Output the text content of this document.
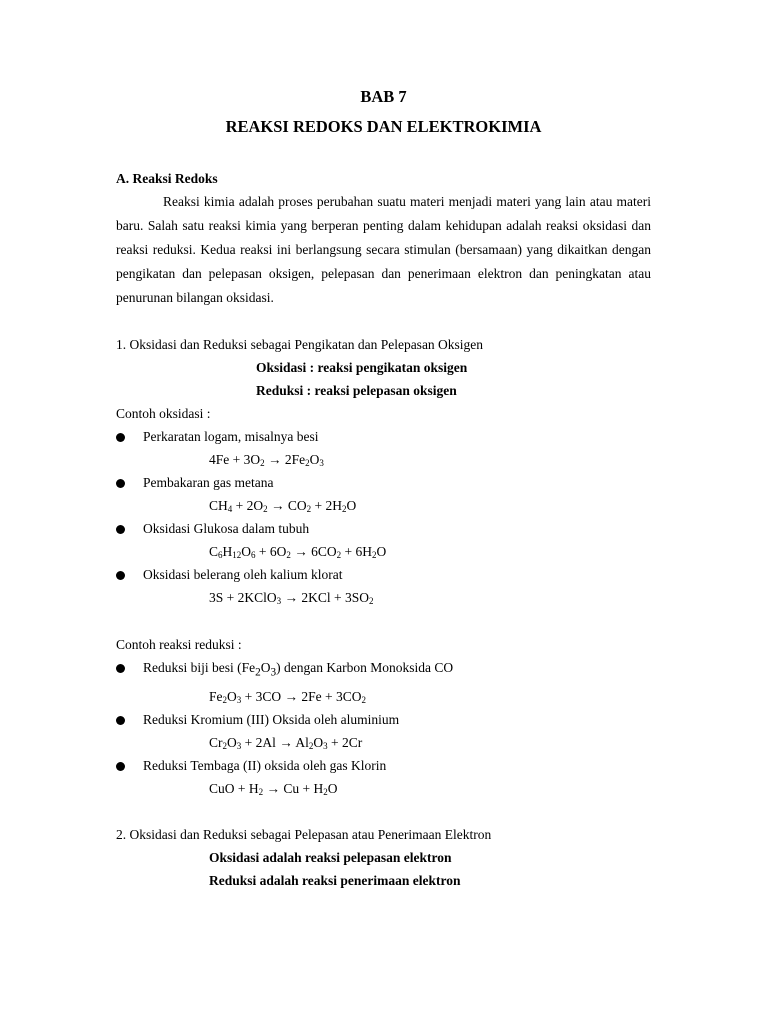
BAB 7

REAKSI REDOKS DAN ELEKTROKIMIA

A. Reaksi Redoks

Reaksi kimia adalah proses perubahan suatu materi menjadi materi yang lain atau materi baru. Salah satu reaksi kimia yang berperan penting dalam kehidupan adalah reaksi oksidasi dan reaksi reduksi. Kedua reaksi ini berlangsung secara stimulan (bersamaan) yang dikaitkan dengan pengikatan dan pelepasan oksigen, pelepasan dan penerimaan elektron dan peningkatan atau penurunan bilangan oksidasi.

1. Oksidasi dan Reduksi sebagai Pengikatan dan Pelepasan Oksigen

Oksidasi : reaksi pengikatan oksigen

Reduksi : reaksi pelepasan oksigen

Contoh oksidasi :

Perkaratan logam, misalnya besi

$4Fe + 3O_2 \to 2Fe_2O_3$

Pembakaran gas metana

$CH_4 + 2O_2 \to CO_2 + 2H_2O$

Oksidasi Glukosa dalam tubuh

$C_6H_{12}O_6 + 6O_2 \to 6CO_2 + 6H_2O$

Oksidasi belerang oleh kalium klorat

3S + 2KClO$_3$ → $2KCl + 3SO_2$

Contoh reaksi reduksi :

Reduksi biji besi $(Fe_2O_3)$ dengan Karbon Monoksida CO

$Fe_2O_3 + 3CO \to 2Fe + 3CO_2$

Reduksi Kromium (III) Oksida oleh aluminium

$Cr_2O_3 + 2Al \to Al_2O_3 + 2Cr$

Reduksi Tembaga (II) oksida oleh gas Klorin

CuO + $H_2 \to Cu + H_2O$

2. Oksidasi dan Reduksi sebagai Pelepasan atau Penerimaan Elektron

Oksidasi adalah reaksi pelepasan elektron

Reduksi adalah reaksi penerimaan elektron
